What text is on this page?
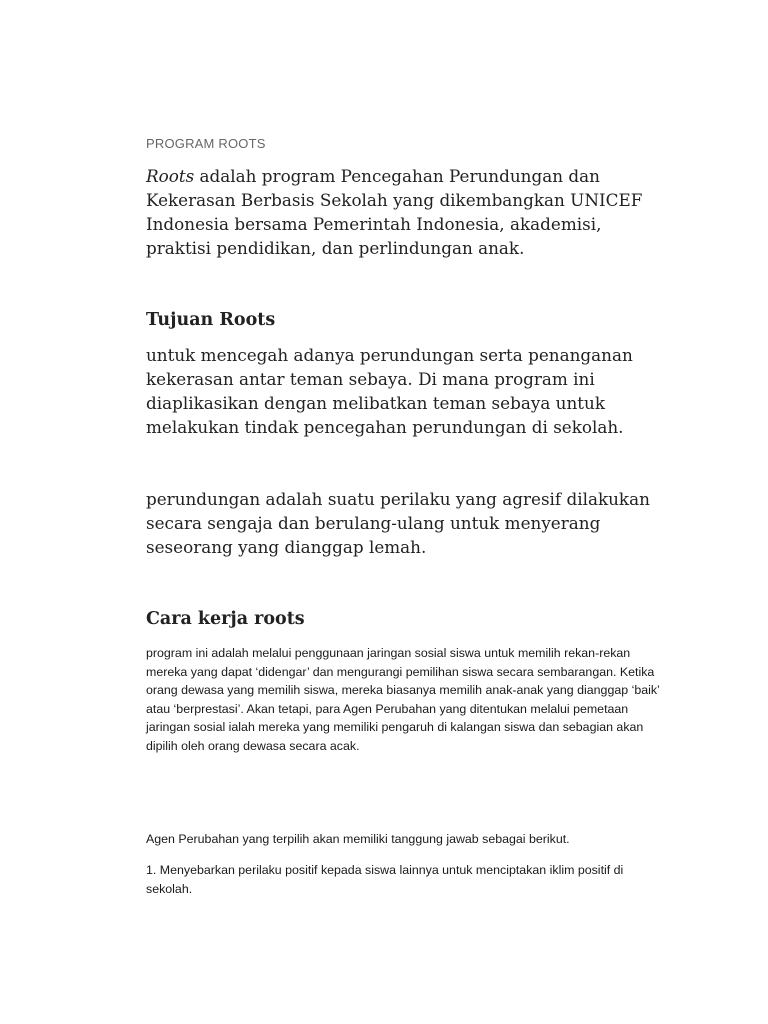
PROGRAM ROOTS

Roots adalah program Pencegahan Perundungan dan Kekerasan Berbasis Sekolah yang dikembangkan UNICEF Indonesia bersama Pemerintah Indonesia, akademisi, praktisi pendidikan, dan perlindungan anak.

Tujuan Roots

untuk mencegah adanya perundungan serta penanganan kekerasan antar teman sebaya. Di mana program ini diaplikasikan dengan melibatkan teman sebaya untuk melakukan tindak pencegahan perundungan di sekolah.

perundungan adalah suatu perilaku yang agresif dilakukan secara sengaja dan berulang-ulang untuk menyerang seseorang yang dianggap lemah.

Cara kerja roots

program ini adalah melalui penggunaan jaringan sosial siswa untuk memilih rekan-rekan mereka yang dapat ‘didengar’ dan mengurangi pemilihan siswa secara sembarangan. Ketika orang dewasa yang memilih siswa, mereka biasanya memilih anak-anak yang dianggap ‘baik’ atau ‘berprestasi’. Akan tetapi, para Agen Perubahan yang ditentukan melalui pemetaan jaringan sosial ialah mereka yang memiliki pengaruh di kalangan siswa dan sebagian akan dipilih oleh orang dewasa secara acak.

Agen Perubahan yang terpilih akan memiliki tanggung jawab sebagai berikut.

1. Menyebarkan perilaku positif kepada siswa lainnya untuk menciptakan iklim positif di sekolah.
